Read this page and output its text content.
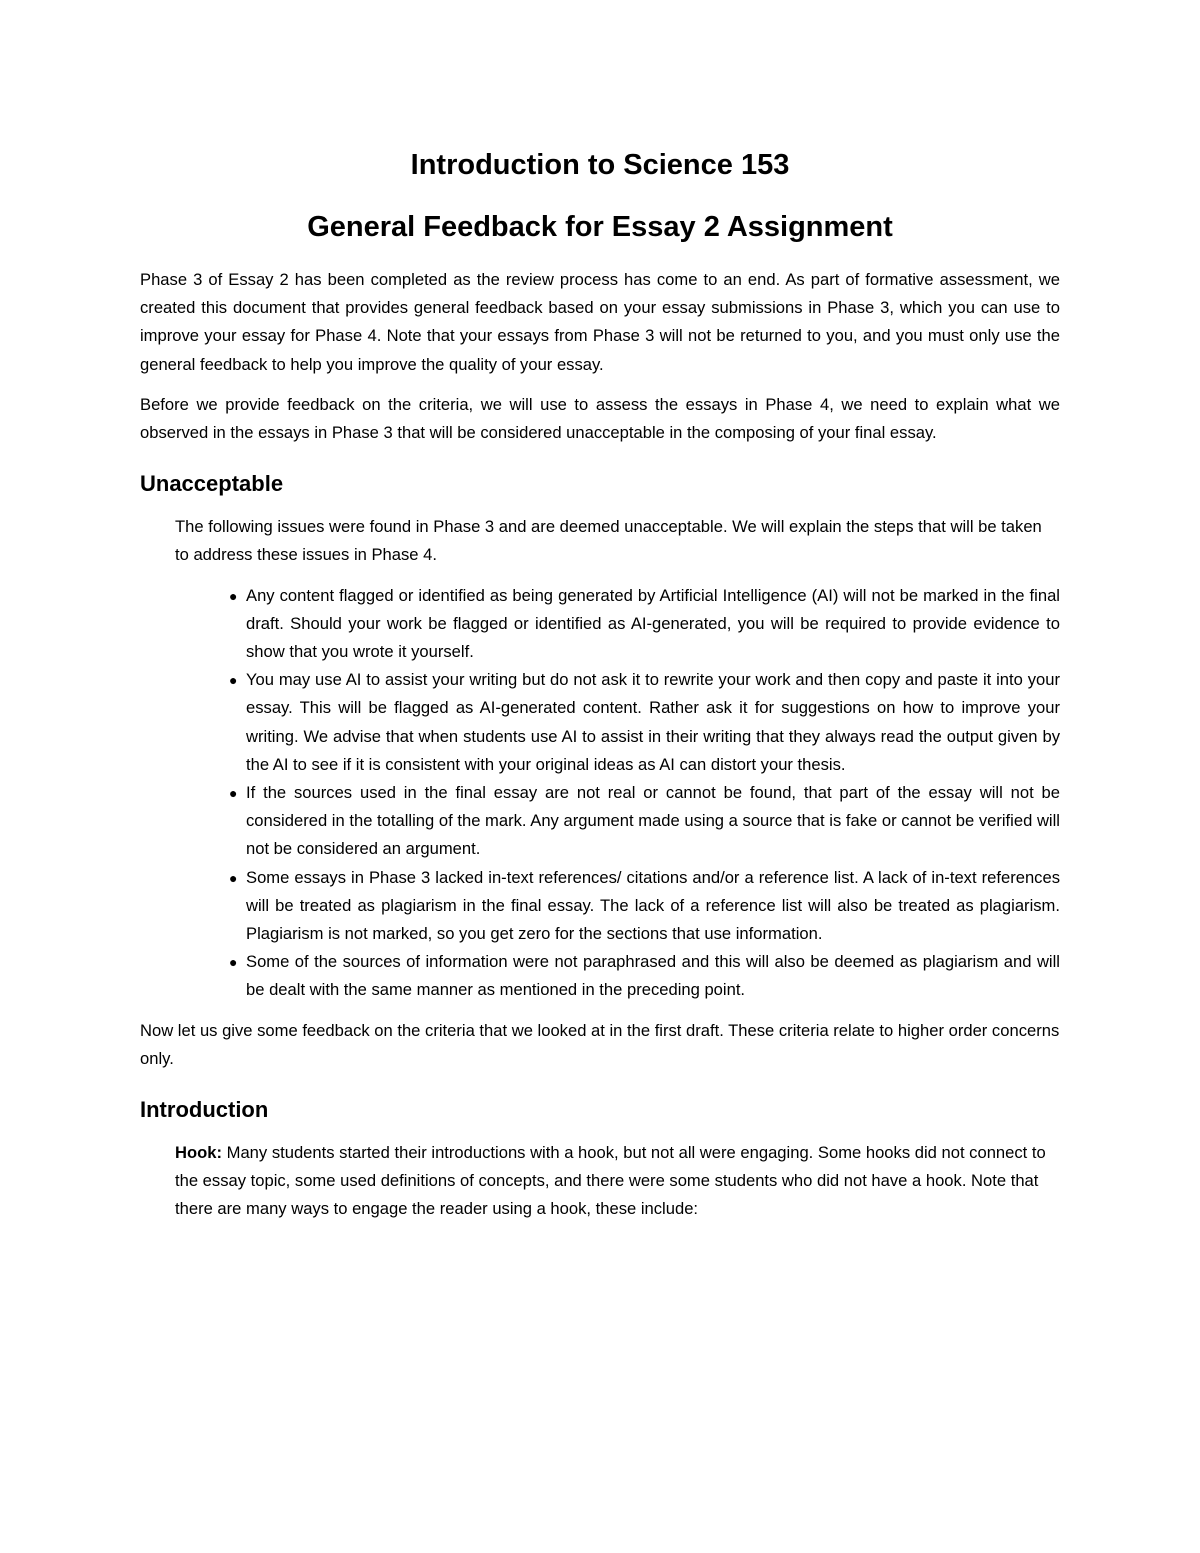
Introduction to Science 153
General Feedback for Essay 2 Assignment

Phase 3 of Essay 2 has been completed as the review process has come to an end. As part of formative assessment, we created this document that provides general feedback based on your essay submissions in Phase 3, which you can use to improve your essay for Phase 4. Note that your essays from Phase 3 will not be returned to you, and you must only use the general feedback to help you improve the quality of your essay.

Before we provide feedback on the criteria, we will use to assess the essays in Phase 4, we need to explain what we observed in the essays in Phase 3 that will be considered unacceptable in the composing of your final essay.

Unacceptable

The following issues were found in Phase 3 and are deemed unacceptable. We will explain the steps that will be taken to address these issues in Phase 4.

● Any content flagged or identified as being generated by Artificial Intelligence (AI) will not be marked in the final draft. Should your work be flagged or identified as AI-generated, you will be required to provide evidence to show that you wrote it yourself.
● You may use AI to assist your writing but do not ask it to rewrite your work and then copy and paste it into your essay. This will be flagged as AI-generated content. Rather ask it for suggestions on how to improve your writing. We advise that when students use AI to assist in their writing that they always read the output given by the AI to see if it is consistent with your original ideas as AI can distort your thesis.
● If the sources used in the final essay are not real or cannot be found, that part of the essay will not be considered in the totalling of the mark. Any argument made using a source that is fake or cannot be verified will not be considered an argument.
● Some essays in Phase 3 lacked in-text references/ citations and/or a reference list. A lack of in-text references will be treated as plagiarism in the final essay. The lack of a reference list will also be treated as plagiarism. Plagiarism is not marked, so you get zero for the sections that use information.
● Some of the sources of information were not paraphrased and this will also be deemed as plagiarism and will be dealt with the same manner as mentioned in the preceding point.

Now let us give some feedback on the criteria that we looked at in the first draft. These criteria relate to higher order concerns only.

Introduction

Hook: Many students started their introductions with a hook, but not all were engaging. Some hooks did not connect to the essay topic, some used definitions of concepts, and there were some students who did not have a hook. Note that there are many ways to engage the reader using a hook, these include:
